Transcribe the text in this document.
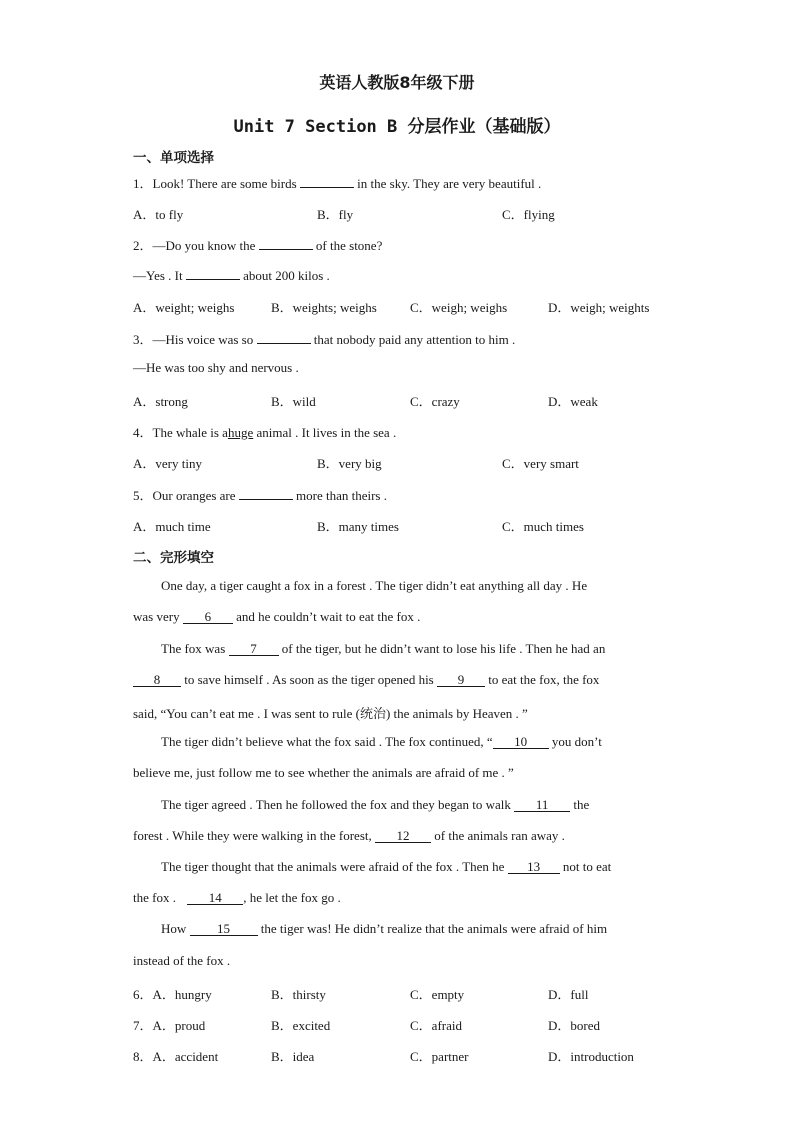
英语人教版8年级下册
Unit 7 Section B 分层作业（基础版）
一、单项选择
1．Look! There are some birds	in the sky. They are very beautiful .
A．to fly	B．fly	C．flying
2．—Do you know the	of the stone?
—Yes . It	about 200 kilos .
A．weight; weighs	B．weights; weighs	C．weigh; weighs	D．weigh; weights
3．—His voice was so	that nobody paid any attention to him .
—He was too shy and nervous .
A．strong	B．wild	C．crazy	D．weak
4．The whale is ahuge animal . It lives in the sea .
A．very tiny	B．very big	C．very smart
5．Our oranges are	more than theirs .
A．much time	B．many times	C．much times
二、完形填空
One day, a tiger caught a fox in a forest . The tiger didn’t eat anything all day . He
was very 6 and he couldn’t wait to eat the fox .
The fox was 7 of the tiger, but he didn’t want to lose his life . Then he had an
8 to save himself . As soon as the tiger opened his 9 to eat the fox, the fox
said, “You can’t eat me . I was sent to rule (统治) the animals by Heaven . ”
The tiger didn’t believe what the fox said . The fox continued, “ 10 you don’t
believe me, just follow me to see whether the animals are afraid of me . ”
The tiger agreed . Then he followed the fox and they began to walk 11 the
forest . While they were walking in the forest, 12 of the animals ran away .
The tiger thought that the animals were afraid of the fox . Then he 13 not to eat
the fox .	14 , he let the fox go .
How 15 the tiger was! He didn’t realize that the animals were afraid of him
instead of the fox .
6．A．hungry	B．thirsty	C．empty	D．full
7．A．proud	B．excited	C．afraid	D．bored
8．A．accident	B．idea	C．partner	D．introduction
